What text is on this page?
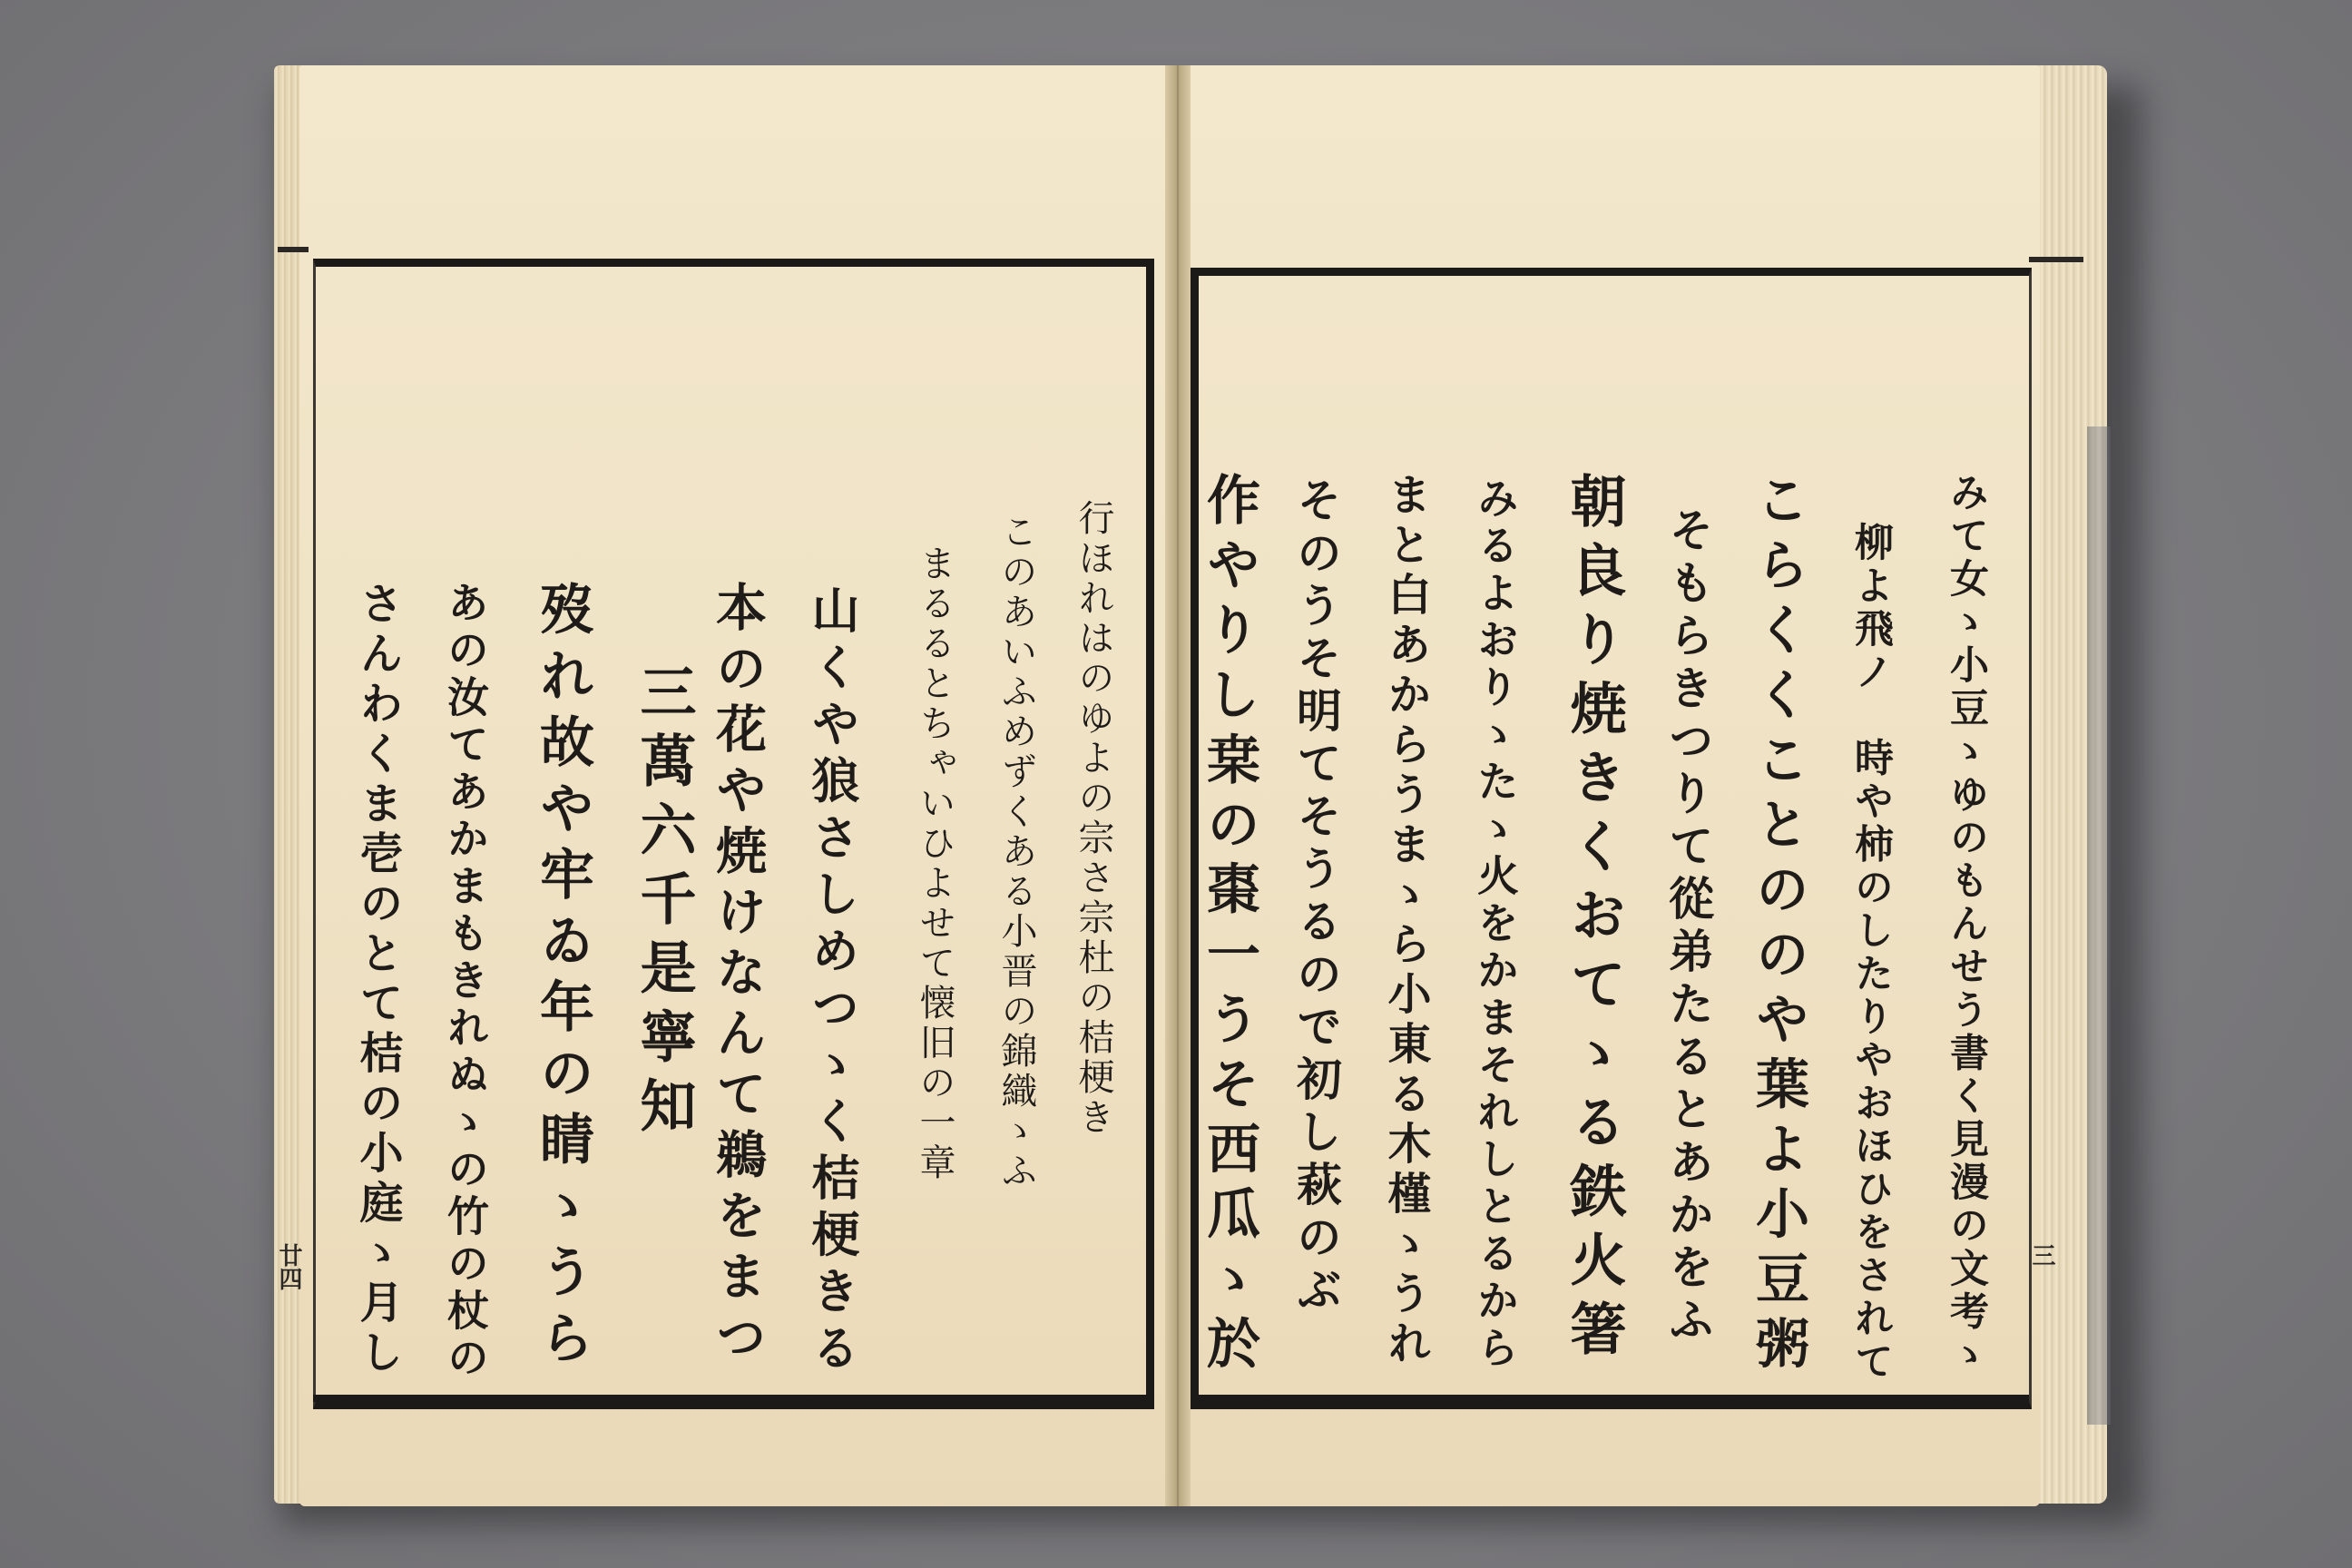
みて女ゝ小豆ゝゆのもんせう書く見漫の文考ゝ
柳よ飛ノ　時や柿のしたりやおほひをされて
こらくくことののや葉よ小豆粥
そもらきつりて從弟たるとあかをふ
朝良り焼きくおてゝる鉄火箸
みるよおりゝたゝ火をかまそれしとるから
まと白あからうまゝら小東る木槿ゝうれ
そのうそ明てそうるので初し萩のぶ
作やりし枽の棗一うそ西瓜ゝ於	三
行ほれはのゆよの宗さ宗杜の桔梗き
このあいふめずくある小晋の錦織ゝふ
まるるとちゃいひよせて懐旧の一章
山くや狼さしめつゝく桔梗きる
本の花や焼けなんて鵜をまつ
三萬六千是寧知
歿れ故や牢ゐ年の睛ゝうら
あの汝てあかまもきれぬゝの竹の杖の
さんわくま壱のとて桔の小庭ゝ月し
廿四
